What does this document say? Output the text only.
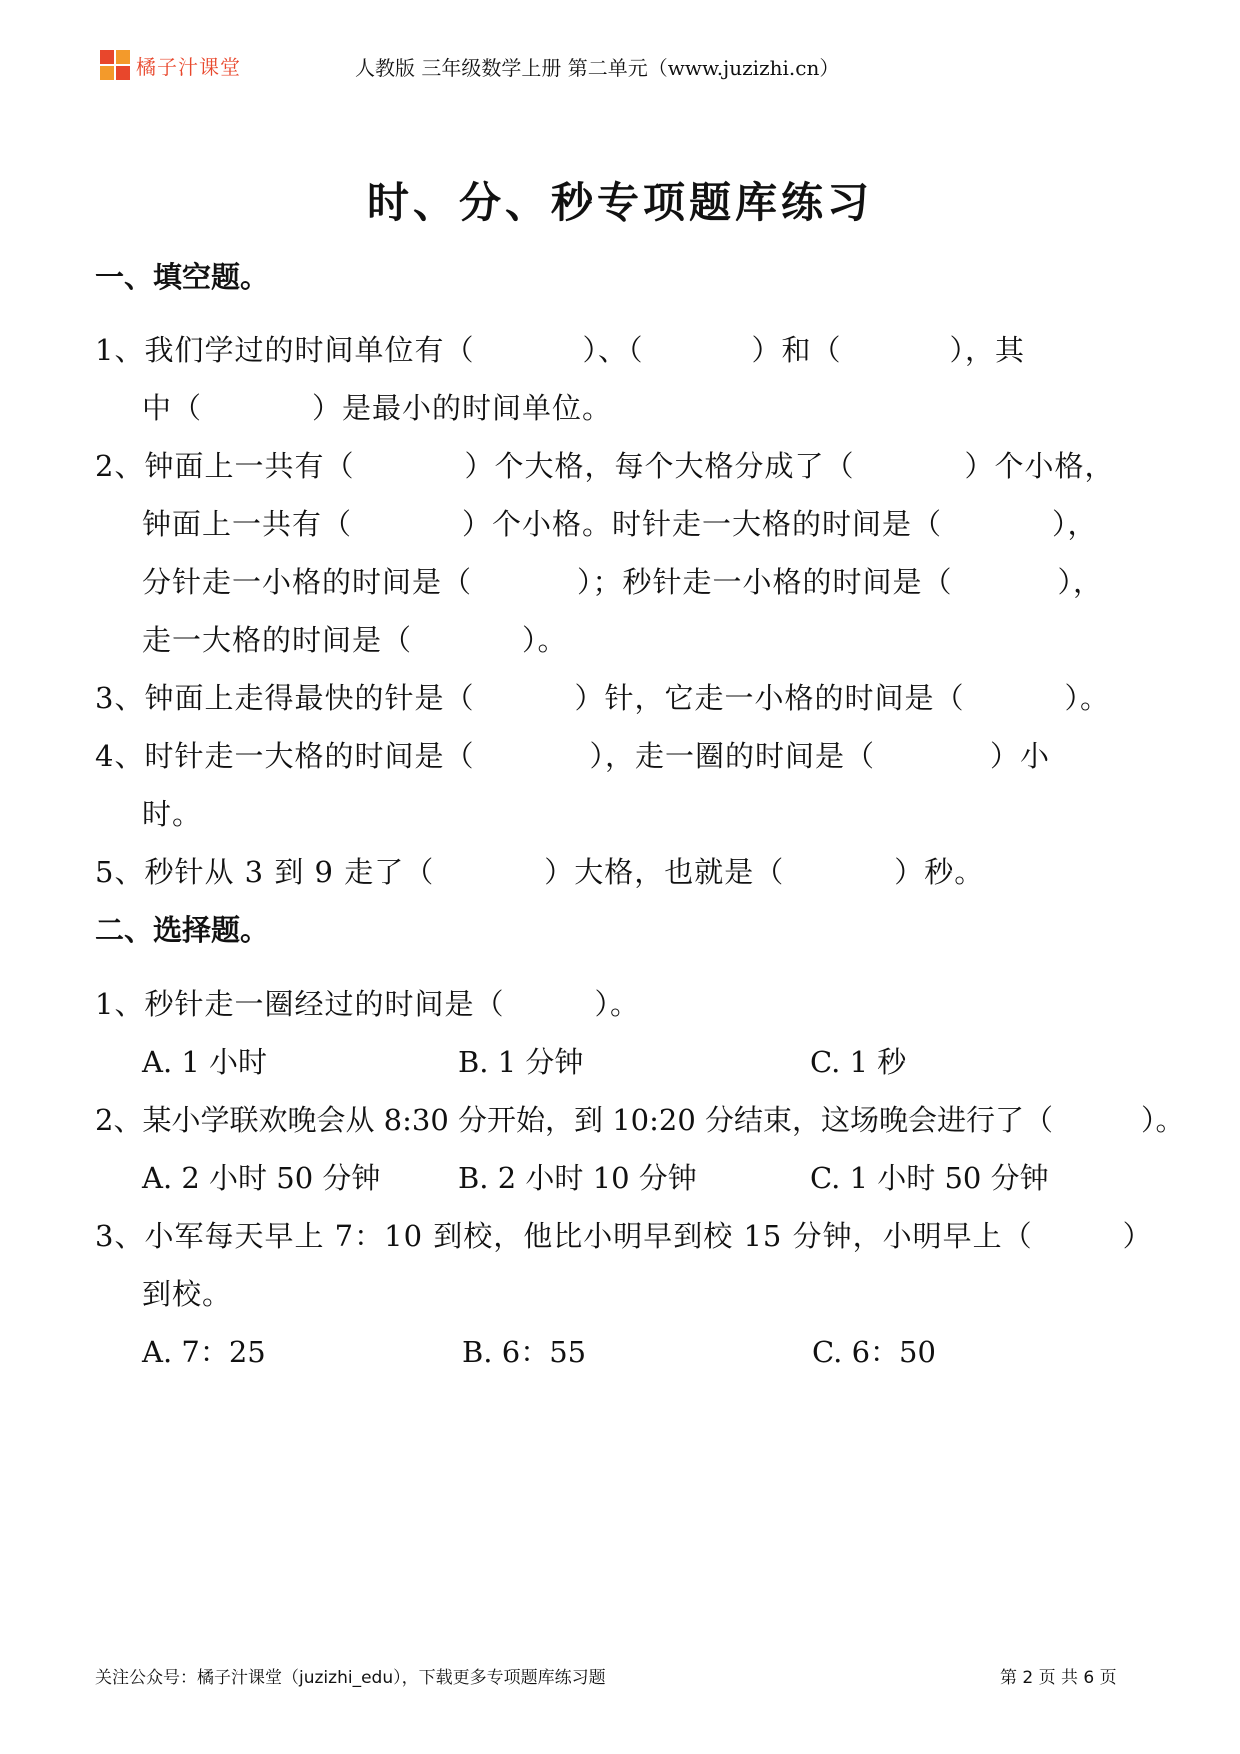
橘子汁课堂	人教版 三年级数学上册 第二单元（www.juzizhi.cn）
时、分、秒专项题库练习
一、填空题。
1、我们学过的时间单位有（	）、（	）和（	），其
中（	）是最小的时间单位。
2、钟面上一共有（	）个大格，每个大格分成了（	）个小格，
钟面上一共有（	）个小格。时针走一大格的时间是（	），
分针走一小格的时间是（	）；秒针走一小格的时间是（	），
走一大格的时间是（	）。
3、钟面上走得最快的针是（	）针，它走一小格的时间是（	）。
4、时针走一大格的时间是（	），走一圈的时间是（	）小
时。
5、秒针从 3 到 9 走了（	）大格，也就是（	）秒。
二、选择题。
1、秒针走一圈经过的时间是（	）。
A. 1 小时	B. 1 分钟	C. 1 秒
2、某小学联欢晚会从 8:30 分开始，到 10:20 分结束，这场晚会进行了（	）。
A. 2 小时 50 分钟	B. 2 小时 10 分钟	C. 1 小时 50 分钟
3、小军每天早上 7：10 到校，他比小明早到校 15 分钟，小明早上（	）
到校。
A. 7：25	B. 6：55	C. 6：50
关注公众号：橘子汁课堂（juzizhi_edu），下载更多专项题库练习题	第 2 页 共 6 页
